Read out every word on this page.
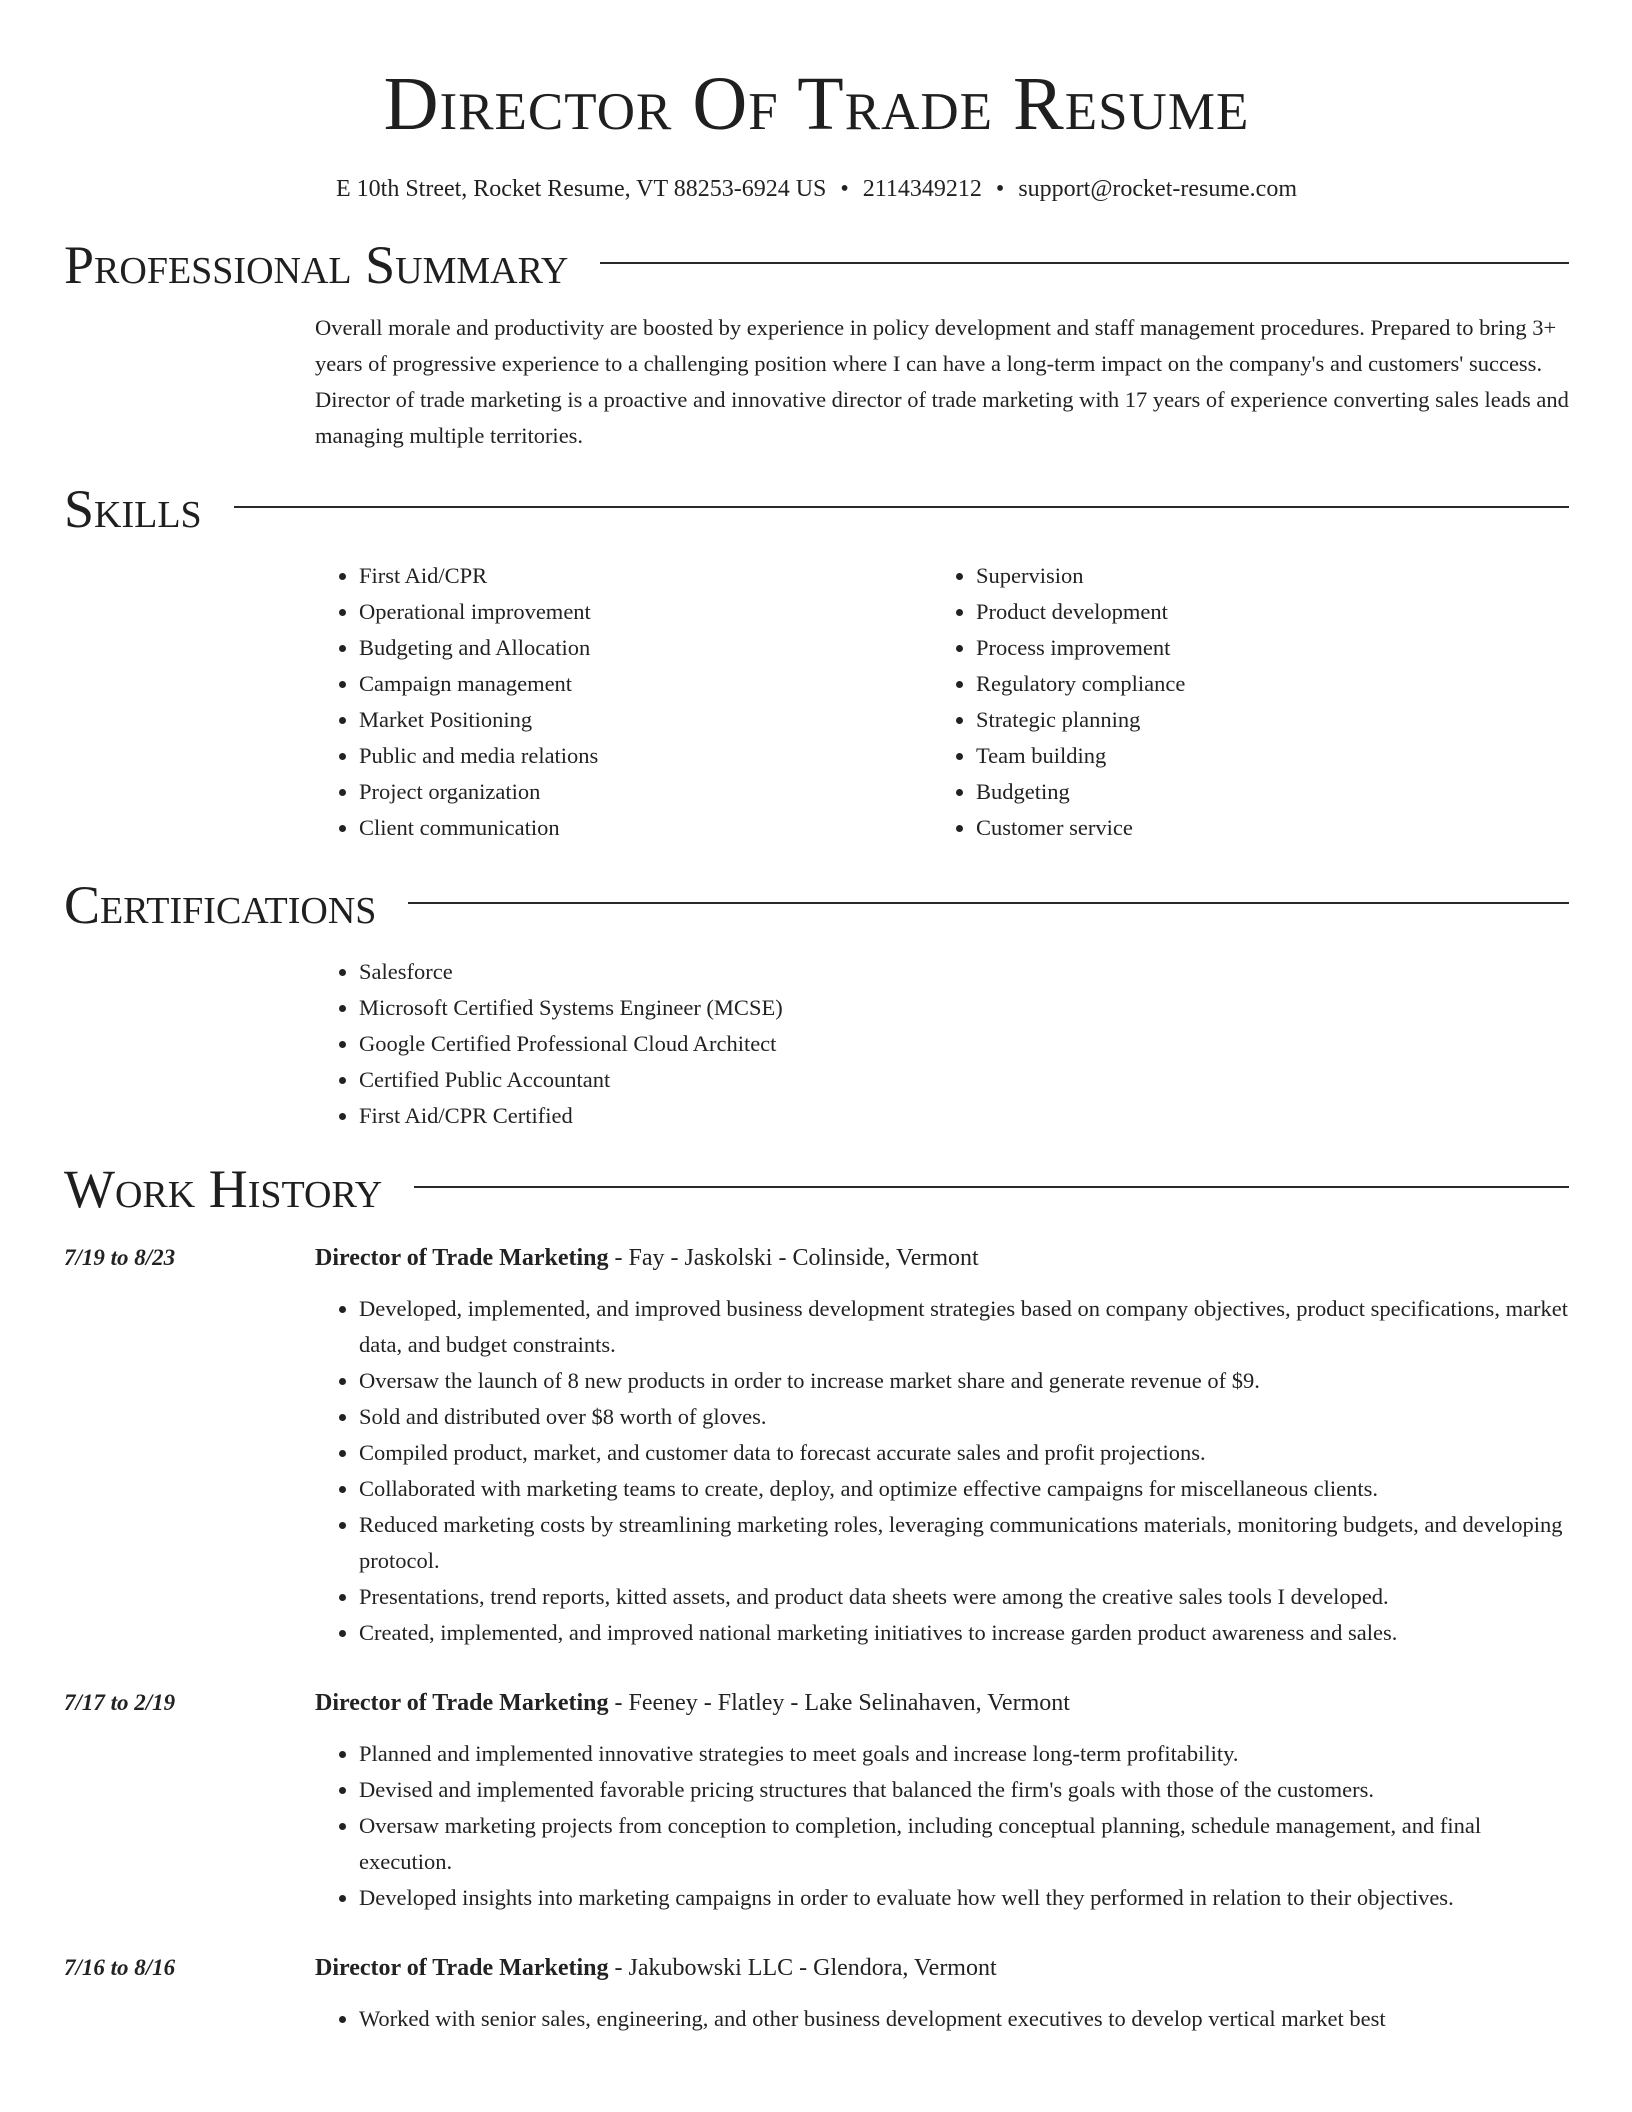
Director Of Trade Resume
E 10th Street, Rocket Resume, VT 88253-6924 US • 2114349212 • support@rocket-resume.com
Professional Summary

Overall morale and productivity are boosted by experience in policy development and staff management procedures. Prepared to bring 3+ years of progressive experience to a challenging position where I can have a long-term impact on the company's and customers' success. Director of trade marketing is a proactive and innovative director of trade marketing with 17 years of experience converting sales leads and managing multiple territories.

Skills
• First Aid/CPR
• Operational improvement
• Budgeting and Allocation
• Campaign management
• Market Positioning
• Public and media relations
• Project organization
• Client communication
• Supervision
• Product development
• Process improvement
• Regulatory compliance
• Strategic planning
• Team building
• Budgeting
• Customer service
Certifications
• Salesforce
• Microsoft Certified Systems Engineer (MCSE)
• Google Certified Professional Cloud Architect
• Certified Public Accountant
• First Aid/CPR Certified
Work History
7/19 to 8/23	Director of Trade Marketing - Fay - Jaskolski - Colinside, Vermont
• Developed, implemented, and improved business development strategies based on company objectives, product specifications, market data, and budget constraints.
• Oversaw the launch of 8 new products in order to increase market share and generate revenue of $9.
• Sold and distributed over $8 worth of gloves.
• Compiled product, market, and customer data to forecast accurate sales and profit projections.
• Collaborated with marketing teams to create, deploy, and optimize effective campaigns for miscellaneous clients.
• Reduced marketing costs by streamlining marketing roles, leveraging communications materials, monitoring budgets, and developing protocol.
• Presentations, trend reports, kitted assets, and product data sheets were among the creative sales tools I developed.
• Created, implemented, and improved national marketing initiatives to increase garden product awareness and sales.
7/17 to 2/19	Director of Trade Marketing - Feeney - Flatley - Lake Selinahaven, Vermont
• Planned and implemented innovative strategies to meet goals and increase long-term profitability.
• Devised and implemented favorable pricing structures that balanced the firm's goals with those of the customers.
• Oversaw marketing projects from conception to completion, including conceptual planning, schedule management, and final execution.
• Developed insights into marketing campaigns in order to evaluate how well they performed in relation to their objectives.
7/16 to 8/16	Director of Trade Marketing - Jakubowski LLC - Glendora, Vermont
• Worked with senior sales, engineering, and other business development executives to develop vertical market best
